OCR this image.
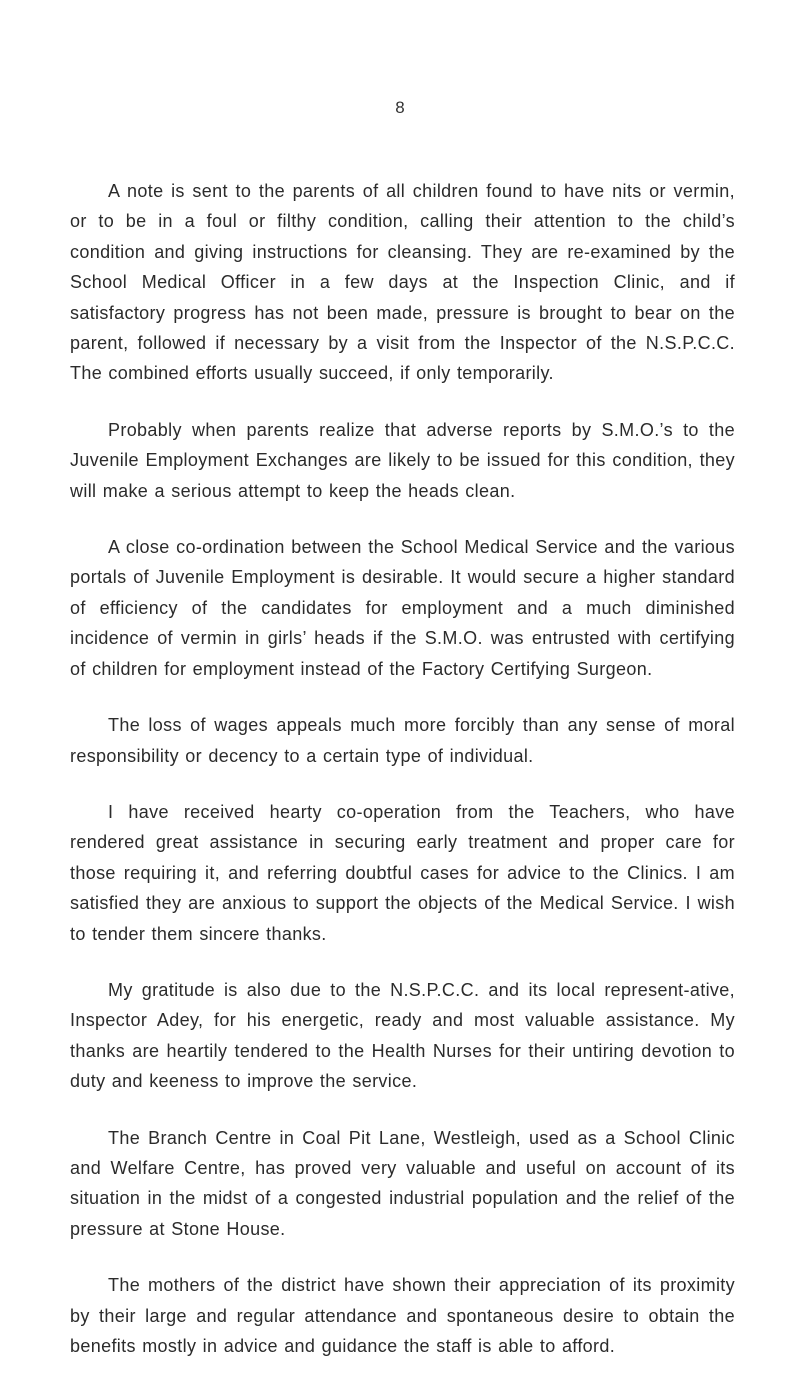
8

A note is sent to the parents of all children found to have nits or vermin, or to be in a foul or filthy condition, calling their attention to the child’s condition and giving instructions for cleansing. They are re-examined by the School Medical Officer in a few days at the Inspection Clinic, and if satisfactory progress has not been made, pressure is brought to bear on the parent, followed if necessary by a visit from the Inspector of the N.S.P.C.C. The combined efforts usually succeed, if only temporarily.

Probably when parents realize that adverse reports by S.M.O.’s to the Juvenile Employment Exchanges are likely to be issued for this condition, they will make a serious attempt to keep the heads clean.

A close co-ordination between the School Medical Service and the various portals of Juvenile Employment is desirable. It would secure a higher standard of efficiency of the candidates for employment and a much diminished incidence of vermin in girls’ heads if the S.M.O. was entrusted with certifying of children for employment instead of the Factory Certifying Surgeon.

The loss of wages appeals much more forcibly than any sense of moral responsibility or decency to a certain type of individual.

I have received hearty co-operation from the Teachers, who have rendered great assistance in securing early treatment and proper care for those requiring it, and referring doubtful cases for advice to the Clinics. I am satisfied they are anxious to support the objects of the Medical Service. I wish to tender them sincere thanks.

My gratitude is also due to the N.S.P.C.C. and its local represent-ative, Inspector Adey, for his energetic, ready and most valuable assistance. My thanks are heartily tendered to the Health Nurses for their untiring devotion to duty and keeness to improve the service.

The Branch Centre in Coal Pit Lane, Westleigh, used as a School Clinic and Welfare Centre, has proved very valuable and useful on account of its situation in the midst of a congested industrial population and the relief of the pressure at Stone House.

The mothers of the district have shown their appreciation of its proximity by their large and regular attendance and spontaneous desire to obtain the benefits mostly in advice and guidance the staff is able to afford.
